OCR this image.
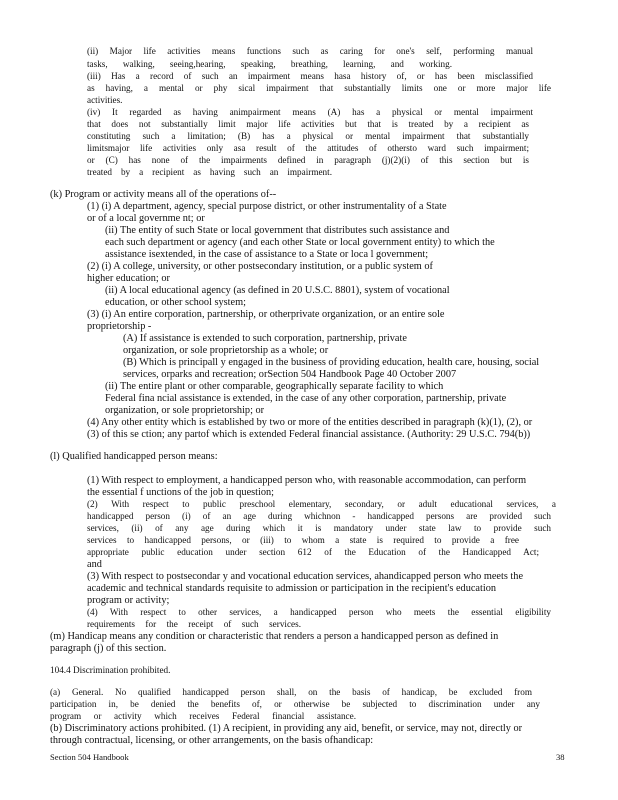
(ii) Major life activities means functions such as caring for one's self, performing manual
tasks, walking, seeing,hearing, speaking, breathing, learning, and working.
(iii) Has a record of such an impairment means hasa history of, or has been misclassified
as having, a mental or phy sical impairment that substantially limits one or more major life
activities.
(iv) It regarded as having animpairment means (A) has a physical or mental impairment
that does not substantially limit major life activities but that is treated by a recipient as
constituting such a limitation; (B) has a physical or mental impairment that substantially
limitsmajor life activities only asa result of the attitudes of othersto ward such impairment;
or (C) has none of the impairments defined in paragraph (j)(2)(i) of this section but is
treated by a recipient as having such an impairment.
(k) Program or activity means all of the operations of--
(1) (i) A department, agency, special purpose district, or other instrumentality of a State
or of a local governme nt; or
(ii) The entity of such State or local government that distributes such assistance and
each such department or agency (and each other State or local government entity) to which the
assistance isextended, in the case of assistance to a State or loca l government;
(2) (i) A college, university, or other postsecondary institution, or a public system of
higher education; or
(ii) A local educational agency (as defined in 20 U.S.C. 8801), system of vocational
education, or other school system;
(3) (i) An entire corporation, partnership, or otherprivate organization, or an entire sole
proprietorship -
(A) If assistance is extended to such corporation, partnership, private
organization, or sole proprietorship as a whole; or
(B) Which is principall y engaged in the business of providing education, health care, housing, social
services, orparks and recreation; orSection 504 Handbook Page 40 October 2007
(ii) The entire plant or other comparable, geographically separate facility to which
Federal fina ncial assistance is extended, in the case of any other corporation, partnership, private
organization, or sole proprietorship; or
(4) Any other entity which is established by two or more of the entities described in paragraph (k)(1), (2), or
(3) of this se ction; any partof which is extended Federal financial assistance. (Authority: 29 U.S.C. 794(b))
(l) Qualified handicapped person means:
(1) With respect to employment, a handicapped person who, with reasonable accommodation, can perform
the essential f unctions of the job in question;
(2) With respect to public preschool elementary, secondary, or adult educational services, a
handicapped person (i) of an age during whichnon - handicapped persons are provided such
services, (ii) of any age during which it is mandatory under state law to provide such
services to handicapped persons, or (iii) to whom a state is required to provide a free
appropriate public education under section 612 of the Education of the Handicapped Act;
and
(3) With respect to postsecondar y and vocational education services, ahandicapped person who meets the
academic and technical standards requisite to admission or participation in the recipient's education
program or activity;
(4) With respect to other services, a handicapped person who meets the essential eligibility
requirements for the receipt of such services.
(m) Handicap means any condition or characteristic that renders a person a handicapped person as defined in
paragraph (j) of this section.
104.4 Discrimination prohibited.
(a) General. No qualified handicapped person shall, on the basis of handicap, be excluded from
participation in, be denied the benefits of, or otherwise be subjected to discrimination under any
program or activity which receives Federal financial assistance.
(b) Discriminatory actions prohibited. (1) A recipient, in providing any aid, benefit, or service, may not, directly or
through contractual, licensing, or other arrangements, on the basis ofhandicap:
Section 504 Handbook	38
